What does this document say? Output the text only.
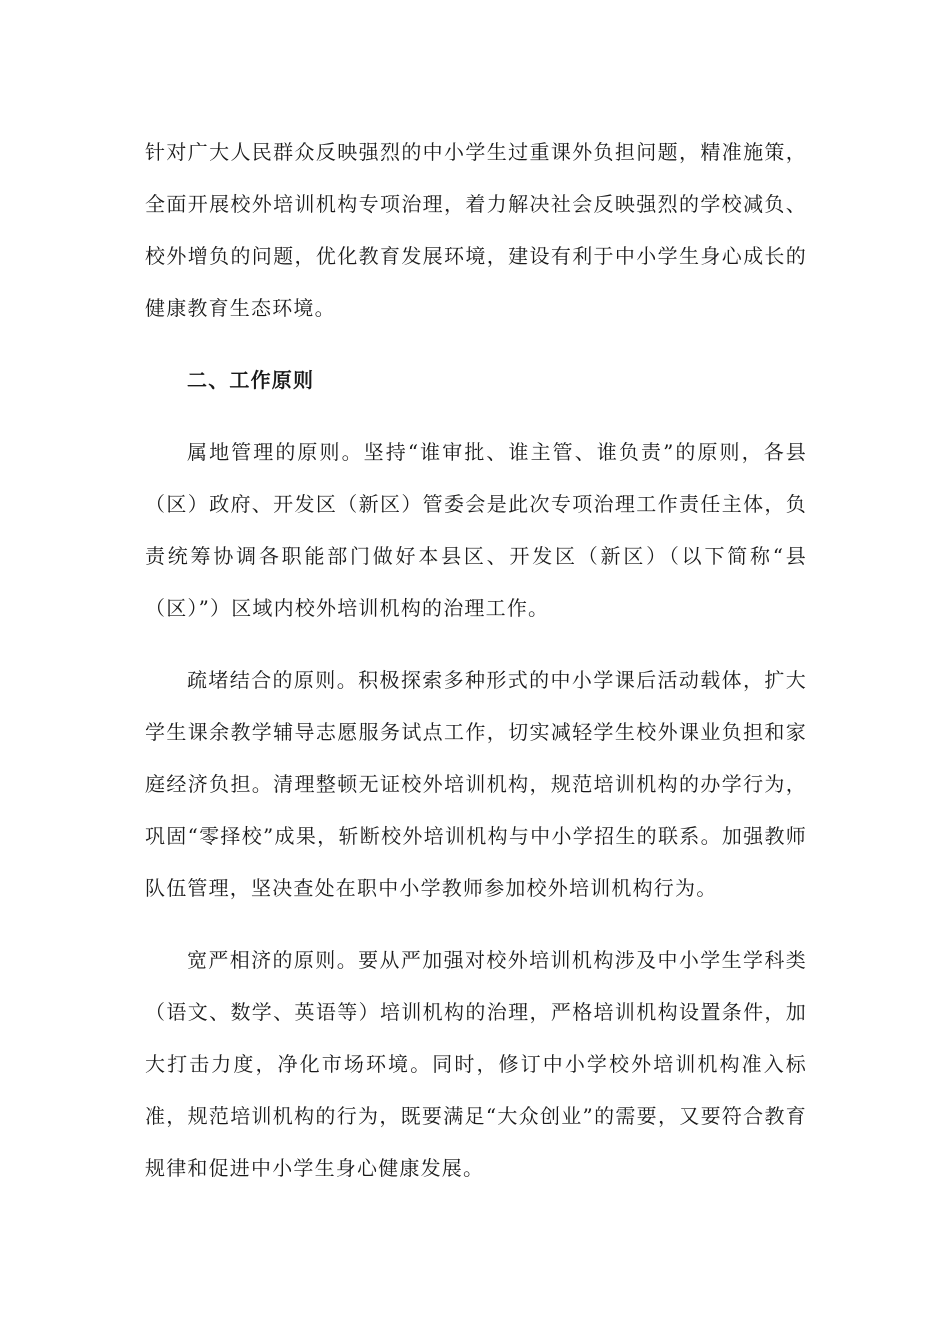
针对广大人民群众反映强烈的中小学生过重课外负担问题，精准施策，全面开展校外培训机构专项治理，着力解决社会反映强烈的学校减负、校外增负的问题，优化教育发展环境，建设有利于中小学生身心成长的健康教育生态环境。

二、工作原则

属地管理的原则。坚持“谁审批、谁主管、谁负责”的原则，各县（区）政府、开发区（新区）管委会是此次专项治理工作责任主体，负责统筹协调各职能部门做好本县区、开发区（新区）（以下简称“县（区）”）区域内校外培训机构的治理工作。

疏堵结合的原则。积极探索多种形式的中小学课后活动载体，扩大学生课余教学辅导志愿服务试点工作，切实减轻学生校外课业负担和家庭经济负担。清理整顿无证校外培训机构，规范培训机构的办学行为，巩固“零择校”成果，斩断校外培训机构与中小学招生的联系。加强教师队伍管理，坚决查处在职中小学教师参加校外培训机构行为。

宽严相济的原则。要从严加强对校外培训机构涉及中小学生学科类（语文、数学、英语等）培训机构的治理，严格培训机构设置条件，加大打击力度，净化市场环境。同时，修订中小学校外培训机构准入标准，规范培训机构的行为，既要满足“大众创业”的需要，又要符合教育规律和促进中小学生身心健康发展。
